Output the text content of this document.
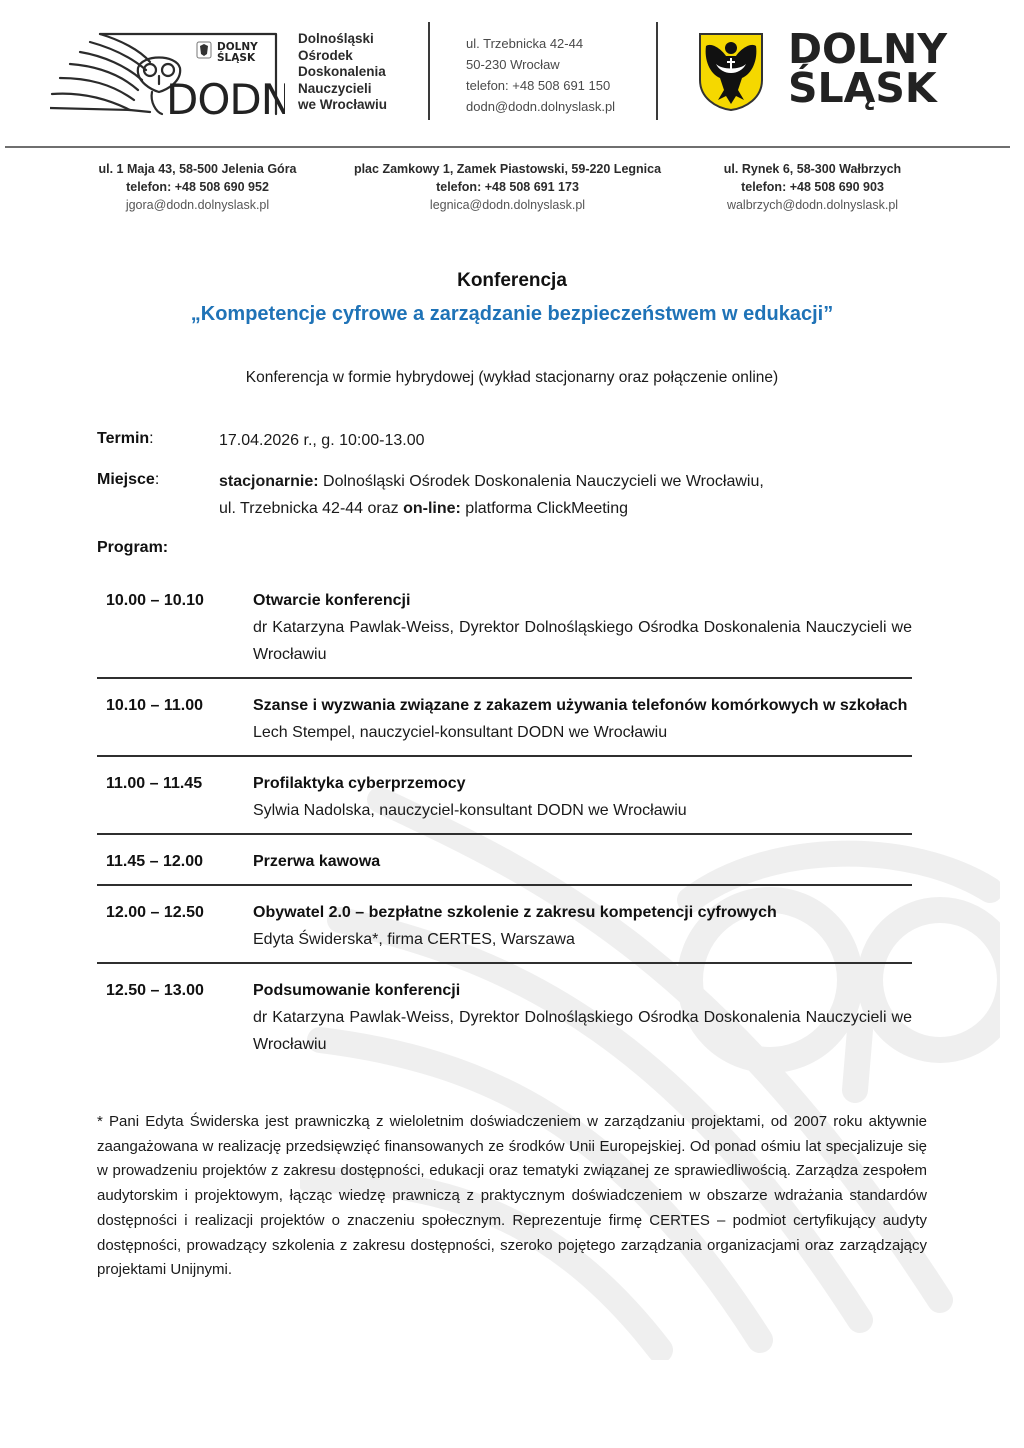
DOLNY
ŚLĄSK
DODN
Dolnośląski
Ośrodek
Doskonalenia
Nauczycieli
we Wrocławiu
ul. Trzebnicka 42-44
50-230 Wrocław
telefon: +48 508 691 150
dodn@dodn.dolnyslask.pl
DOLNY
ŚLĄSK
ul. 1 Maja 43, 58-500 Jelenia Góra
telefon: +48 508 690 952
jgora@dodn.dolnyslask.pl
plac Zamkowy 1, Zamek Piastowski, 59-220 Legnica
telefon: +48 508 691 173
legnica@dodn.dolnyslask.pl
ul. Rynek 6, 58-300 Wałbrzych
telefon: +48 508 690 903
walbrzych@dodn.dolnyslask.pl
Konferencja
„Kompetencje cyfrowe a zarządzanie bezpieczeństwem w edukacji”
Konferencja w formie hybrydowej (wykład stacjonarny oraz połączenie online)
Termin:	17.04.2026 r., g. 10:00-13.00
Miejsce:	stacjonarnie: Dolnośląski Ośrodek Doskonalenia Nauczycieli we Wrocławiu,
ul. Trzebnicka 42-44 oraz on-line: platforma ClickMeeting
Program:
10.00 – 10.10	Otwarcie konferencji
dr Katarzyna Pawlak-Weiss, Dyrektor Dolnośląskiego Ośrodka Doskonalenia Nauczycieli we Wrocławiu
10.10 – 11.00	Szanse i wyzwania związane z zakazem używania telefonów komórkowych w szkołach
Lech Stempel, nauczyciel-konsultant DODN we Wrocławiu
11.00 – 11.45	Profilaktyka cyberprzemocy
Sylwia Nadolska, nauczyciel-konsultant DODN we Wrocławiu
11.45 – 12.00	Przerwa kawowa
12.00 – 12.50	Obywatel 2.0 – bezpłatne szkolenie z zakresu kompetencji cyfrowych
Edyta Świderska*, firma CERTES, Warszawa
12.50 – 13.00	Podsumowanie konferencji
dr Katarzyna Pawlak-Weiss, Dyrektor Dolnośląskiego Ośrodka Doskonalenia Nauczycieli we Wrocławiu
* Pani Edyta Świderska jest prawniczką z wieloletnim doświadczeniem w zarządzaniu projektami, od 2007 roku aktywnie zaangażowana w realizację przedsięwzięć finansowanych ze środków Unii Europejskiej. Od ponad ośmiu lat specjalizuje się w prowadzeniu projektów z zakresu dostępności, edukacji oraz tematyki związanej ze sprawiedliwością. Zarządza zespołem audytorskim i projektowym, łącząc wiedzę prawniczą z praktycznym doświadczeniem w obszarze wdrażania standardów dostępności i realizacji projektów o znaczeniu społecznym. Reprezentuje firmę CERTES – podmiot certyfikujący audyty dostępności, prowadzący szkolenia z zakresu dostępności, szeroko pojętego zarządzania organizacjami oraz zarządzający projektami Unijnymi.
